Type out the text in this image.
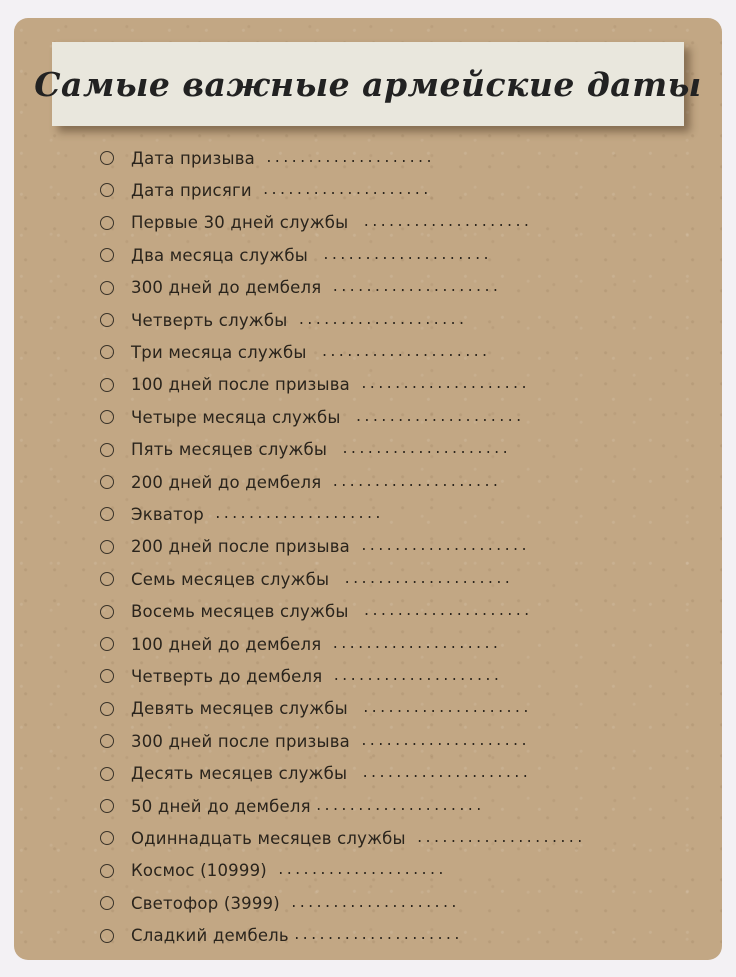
Самые важные армейские даты
Дата призыва ....................
Дата присяги ....................
Первые 30 дней службы ....................
Два месяца службы ....................
300 дней до дембеля ....................
Четверть службы ....................
Три месяца службы ....................
100 дней после призыва ....................
Четыре месяца службы ....................
Пять месяцев службы ....................
200 дней до дембеля ....................
Экватор ....................
200 дней после призыва ....................
Семь месяцев службы ....................
Восемь месяцев службы ....................
100 дней до дембеля ....................
Четверть до дембеля ....................
Девять месяцев службы ....................
300 дней после призыва ....................
Десять месяцев службы ....................
50 дней до дембеля ....................
Одиннадцать месяцев службы ....................
Космос (10999) ....................
Светофор (3999) ....................
Сладкий дембель ....................
